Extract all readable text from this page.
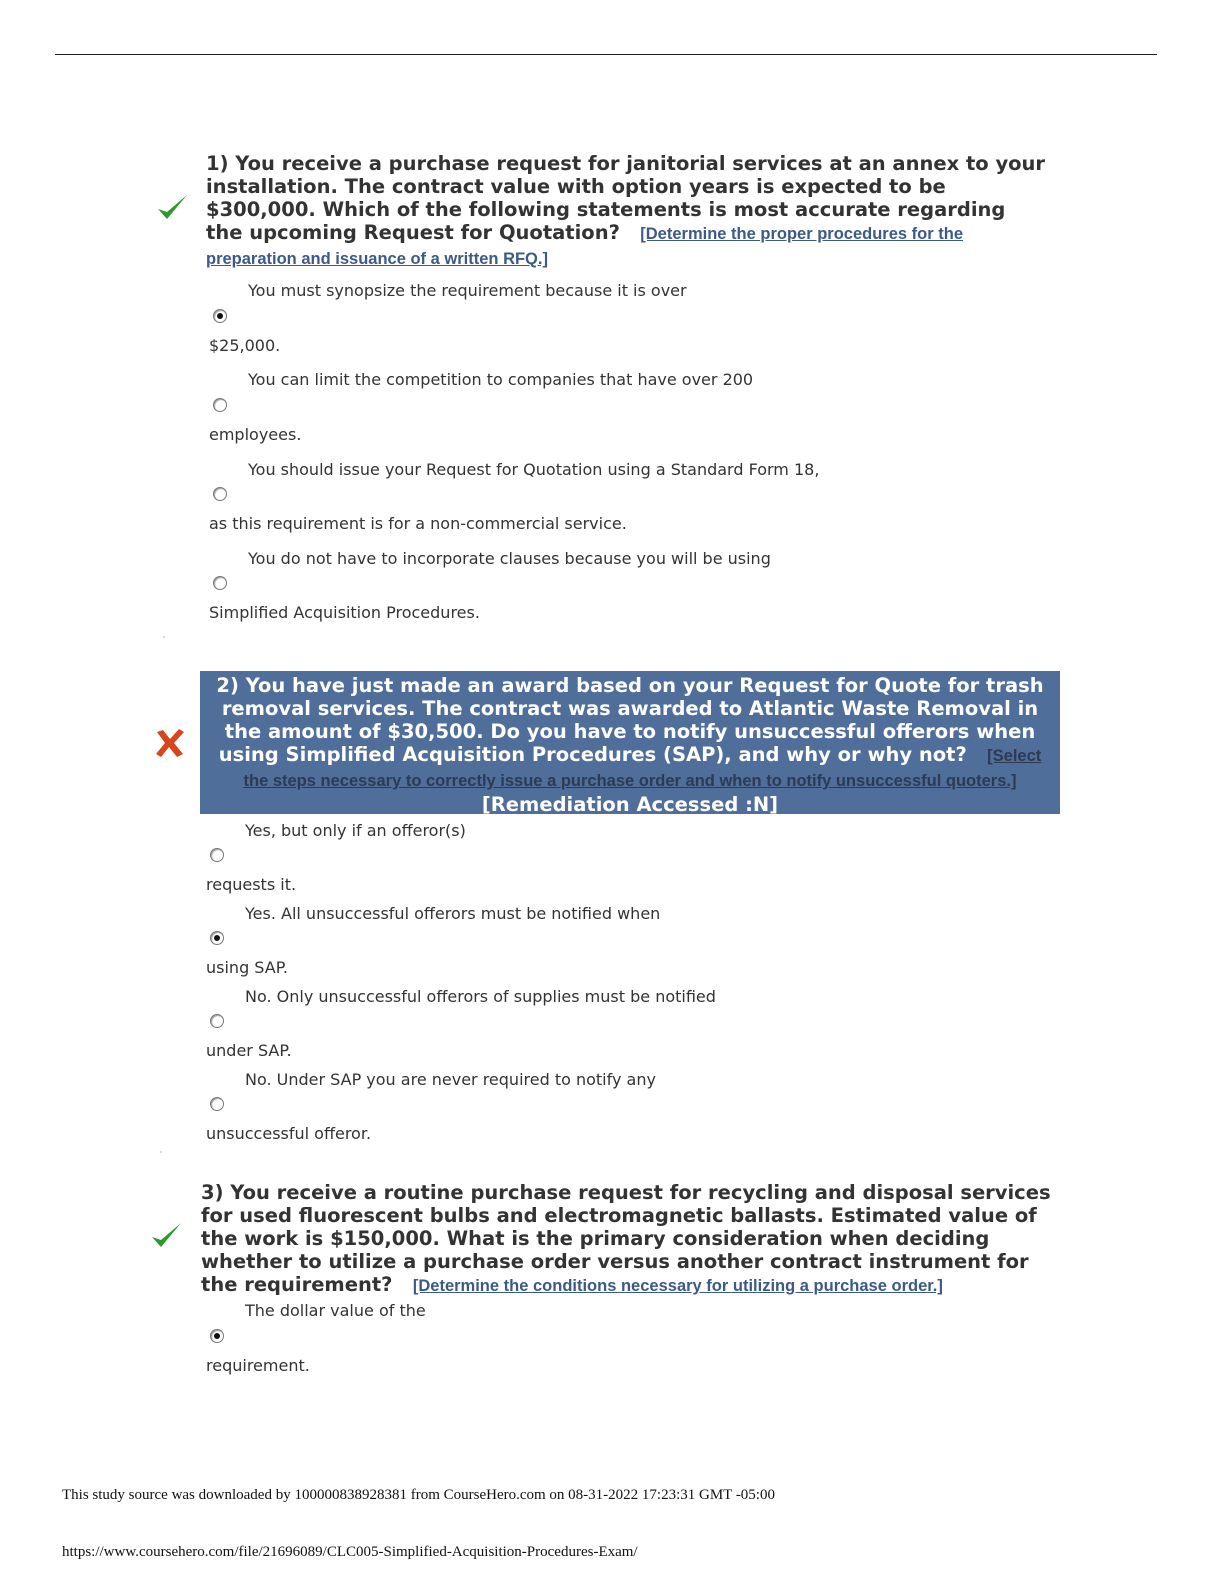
1) You receive a purchase request for janitorial services at an annex to your installation. The contract value with option years is expected to be $300,000. Which of the following statements is most accurate regarding the upcoming Request for Quotation? [Determine the proper procedures for the preparation and issuance of a written RFQ.]
You must synopsize the requirement because it is over
$25,000.
You can limit the competition to companies that have over 200
employees.
You should issue your Request for Quotation using a Standard Form 18,
as this requirement is for a non-commercial service.
You do not have to incorporate clauses because you will be using
Simplified Acquisition Procedures.
2) You have just made an award based on your Request for Quote for trash removal services. The contract was awarded to Atlantic Waste Removal in the amount of $30,500. Do you have to notify unsuccessful offerors when using Simplified Acquisition Procedures (SAP), and why or why not? [Select the steps necessary to correctly issue a purchase order and when to notify unsuccessful quoters.]
[Remediation Accessed :N]
Yes, but only if an offeror(s)
requests it.
Yes. All unsuccessful offerors must be notified when
using SAP.
No. Only unsuccessful offerors of supplies must be notified
under SAP.
No. Under SAP you are never required to notify any
unsuccessful offeror.
3) You receive a routine purchase request for recycling and disposal services for used fluorescent bulbs and electromagnetic ballasts. Estimated value of the work is $150,000. What is the primary consideration when deciding whether to utilize a purchase order versus another contract instrument for the requirement? [Determine the conditions necessary for utilizing a purchase order.]
The dollar value of the
requirement.
This study source was downloaded by 100000838928381 from CourseHero.com on 08-31-2022 17:23:31 GMT -05:00
https://www.coursehero.com/file/21696089/CLC005-Simplified-Acquisition-Procedures-Exam/
